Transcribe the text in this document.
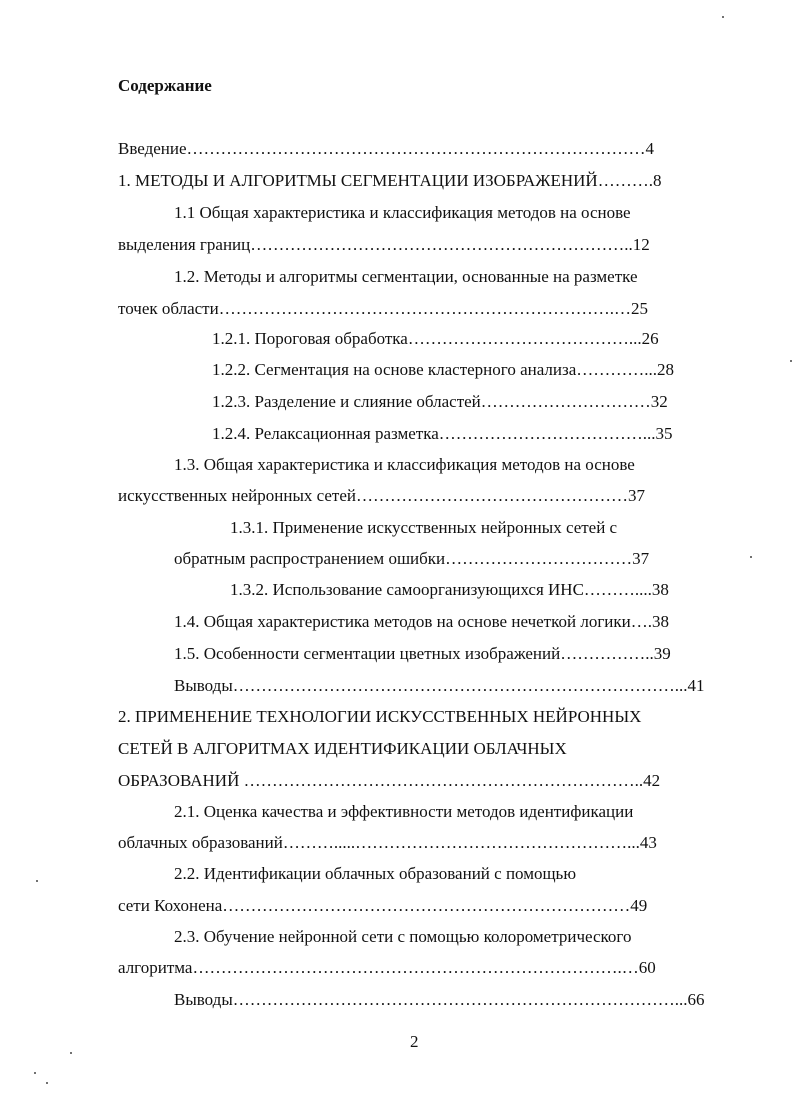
Содержание
Введение………………………………………………………………………4
1. МЕТОДЫ И АЛГОРИТМЫ СЕГМЕНТАЦИИ ИЗОБРАЖЕНИЙ……….8
1.1 Общая характеристика и классификация методов на основе
выделения границ…………………………………………………………..12
1.2. Методы и алгоритмы сегментации, основанные на разметке
точек области…………………………………………………………….…25
1.2.1. Пороговая обработка…………………………………...26
1.2.2. Сегментация на основе кластерного анализа…………...28
1.2.3. Разделение и слияние областей…………………………32
1.2.4. Релаксационная разметка………………………………...35
1.3. Общая характеристика и классификация методов на основе
искусственных нейронных сетей…………………………………………37
1.3.1. Применение искусственных нейронных сетей с
обратным распространением ошибки……………………………37
1.3.2. Использование самоорганизующихся ИНС………....38
1.4. Общая характеристика методов на основе нечеткой логики….38
1.5. Особенности сегментации цветных изображений……………..39
Выводы……………………………………………………………………...41
2. ПРИМЕНЕНИЕ ТЕХНОЛОГИИ ИСКУССТВЕННЫХ НЕЙРОННЫХ
СЕТЕЙ В АЛГОРИТМАХ ИДЕНТИФИКАЦИИ ОБЛАЧНЫХ
ОБРАЗОВАНИЙ ……………………………………………………………..42
2.1. Оценка качества и эффективности методов идентификации
облачных образований……….....…………………………………………...43
2.2. Идентификации облачных образований с помощью
сети Кохонена………………………………………………………………49
2.3. Обучение нейронной сети с помощью колорометрического
алгоритма………………………………………………………………….…60
Выводы……………………………………………………………………...66
2
